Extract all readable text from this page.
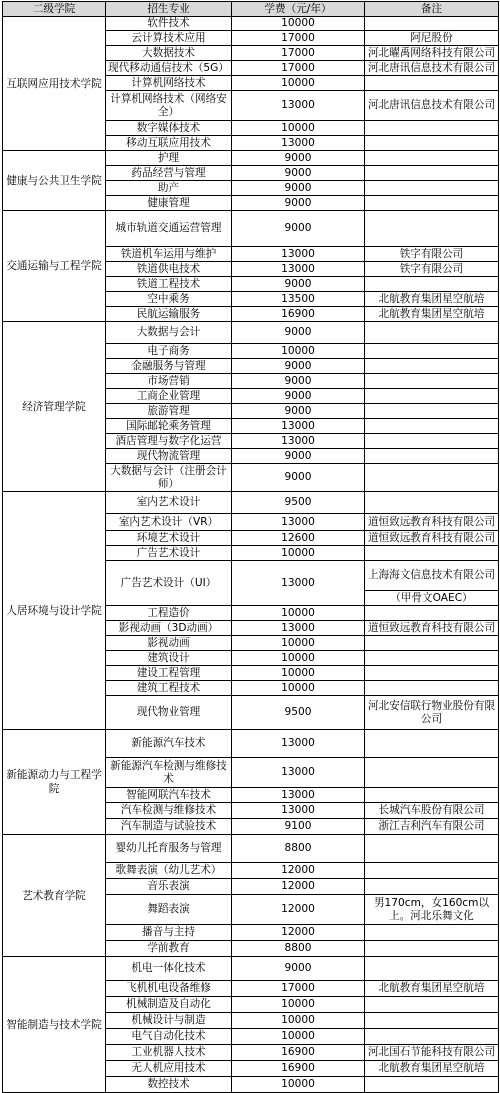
二级学院	招生专业	学费（元/年）	备注
互联网应用技术学院	软件技术	10000	
	云计算技术应用	17000	阿尼股份
	大数据技术	17000	河北曜禹网络科技有限公司
	现代移动通信技术（5G）	17000	河北唐讯信息技术有限公司
	计算机网络技术	10000	
	计算机网络技术（网络安全）	13000	河北唐讯信息技术有限公司
	数字媒体技术	10000	
	移动互联应用技术	13000	
健康与公共卫生学院	护理	9000	
	药品经营与管理	9000	
	助产	9000	
	健康管理	9000	
交通运输与工程学院	城市轨道交通运营管理	9000	
	铁道机车运用与维护	13000	铁字有限公司
	铁道供电技术	13000	铁字有限公司
	铁道工程技术	9000	
	空中乘务	13500	北航教育集团星空航培
	民航运输服务	16900	北航教育集团星空航培
经济管理学院	大数据与会计	9000	
	电子商务	10000	
	金融服务与管理	9000	
	市场营销	9000	
	工商企业管理	9000	
	旅游管理	9000	
	国际邮轮乘务管理	13000	
	酒店管理与数字化运营	13000	
	现代物流管理	9000	
	大数据与会计（注册会计师）	9000	
人居环境与设计学院	室内艺术设计	9500	
	室内艺术设计（VR）	13000	道恒致远教育科技有限公司
	环境艺术设计	12600	道恒致远教育科技有限公司
	广告艺术设计	10000	
	广告艺术设计（UI）	13000	上海海文信息技术有限公司
（甲骨文OAEC）

	工程造价	10000	
	影视动画（3D动画）	13000	道恒致远教育科技有限公司
	影视动画	10000	
	建筑设计	10000	
	建设工程管理	10000	
	建筑工程技术	10000	
	现代物业管理	9500	河北安信联行物业股份有限公司
新能源动力与工程学院	新能源汽车技术	13000	
	新能源汽车检测与维修技术	13000	
	智能网联汽车技术	13000	
	汽车检测与维修技术	13000	长城汽车股份有限公司
	汽车制造与试验技术	9100	浙江吉利汽车有限公司
艺术教育学院	婴幼儿托育服务与管理	8800	
	歌舞表演（幼儿艺术）	12000	
	音乐表演	12000	
	舞蹈表演	12000	男170cm，女160cm以上。河北乐舞文化
	播音与主持	12000	
	学前教育	8800	
智能制造与技术学院	机电一体化技术	9000	
	飞机机电设备维修	17000	北航教育集团星空航培
	机械制造及自动化	10000	
	机械设计与制造	10000	
	电气自动化技术	10000	
	工业机器人技术	16900	河北国石节能科技有限公司
	无人机应用技术	16900	北航教育集团星空航培
	数控技术	10000	
